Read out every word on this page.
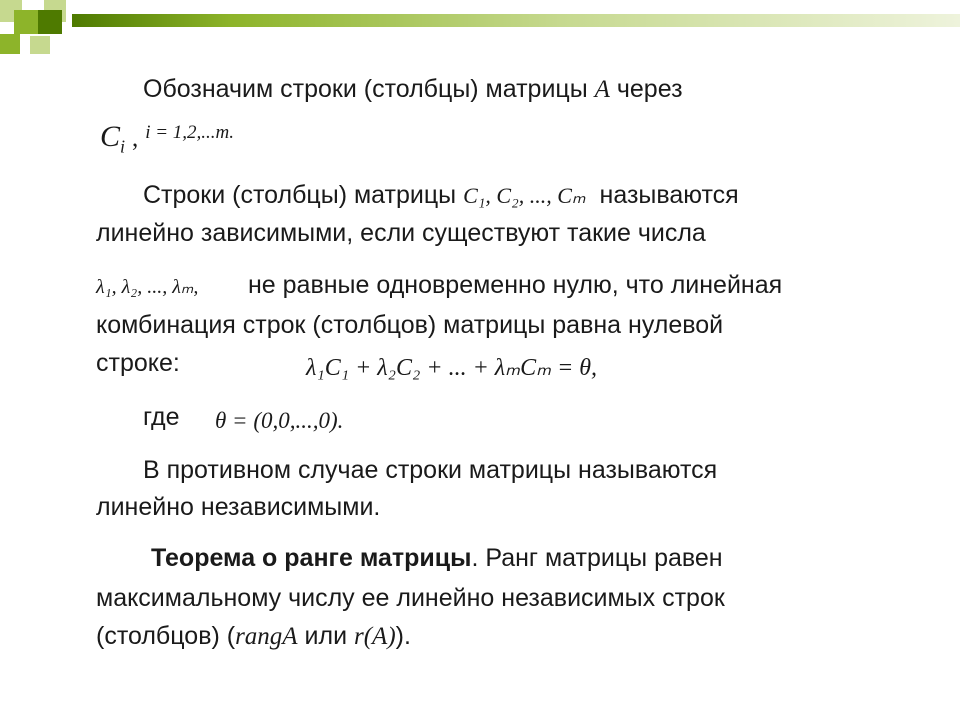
Обозначим строки (столбцы) матрицы A через
$C_i$ , $^{i = 1,2,...m.}$
Строки (столбцы) матрицы C₁, C₂, ..., Cₘ называются
линейно зависимыми, если существуют такие числа
λ₁, λ₂, ..., λₘ, не равные одновременно нулю, что линейная
комбинация строк (столбцов) матрицы равна нулевой
строке:	λ₁C₁ + λ₂C₂ + ... + λₘCₘ = θ,
где θ = (0,0,...,0).
В противном случае строки матрицы называются
линейно независимыми.
Теорема о ранге матрицы. Ранг матрицы равен
максимальному числу ее линейно независимых строк
(столбцов) (rangA или r(A)).
